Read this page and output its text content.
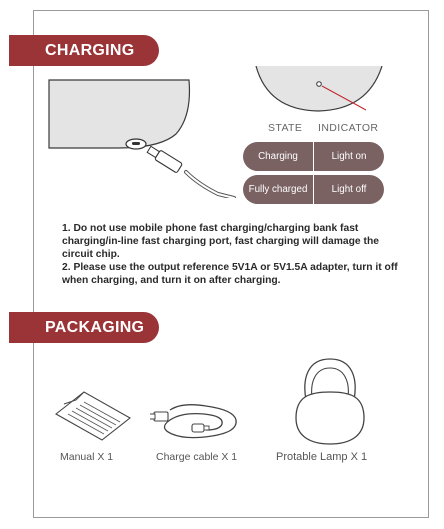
CHARGING
STATE INDICATOR
Charging	Light on
Fully charged	Light off

1. Do not use mobile phone fast charging/charging bank fast charging/in-line fast charging port, fast charging will damage the circuit chip.

2. Please use the output reference 5V1A or 5V1.5A adapter, turn it off when charging, and turn it on after charging.

PACKAGING
Manual X 1	Charge cable X 1	Protable Lamp X 1
